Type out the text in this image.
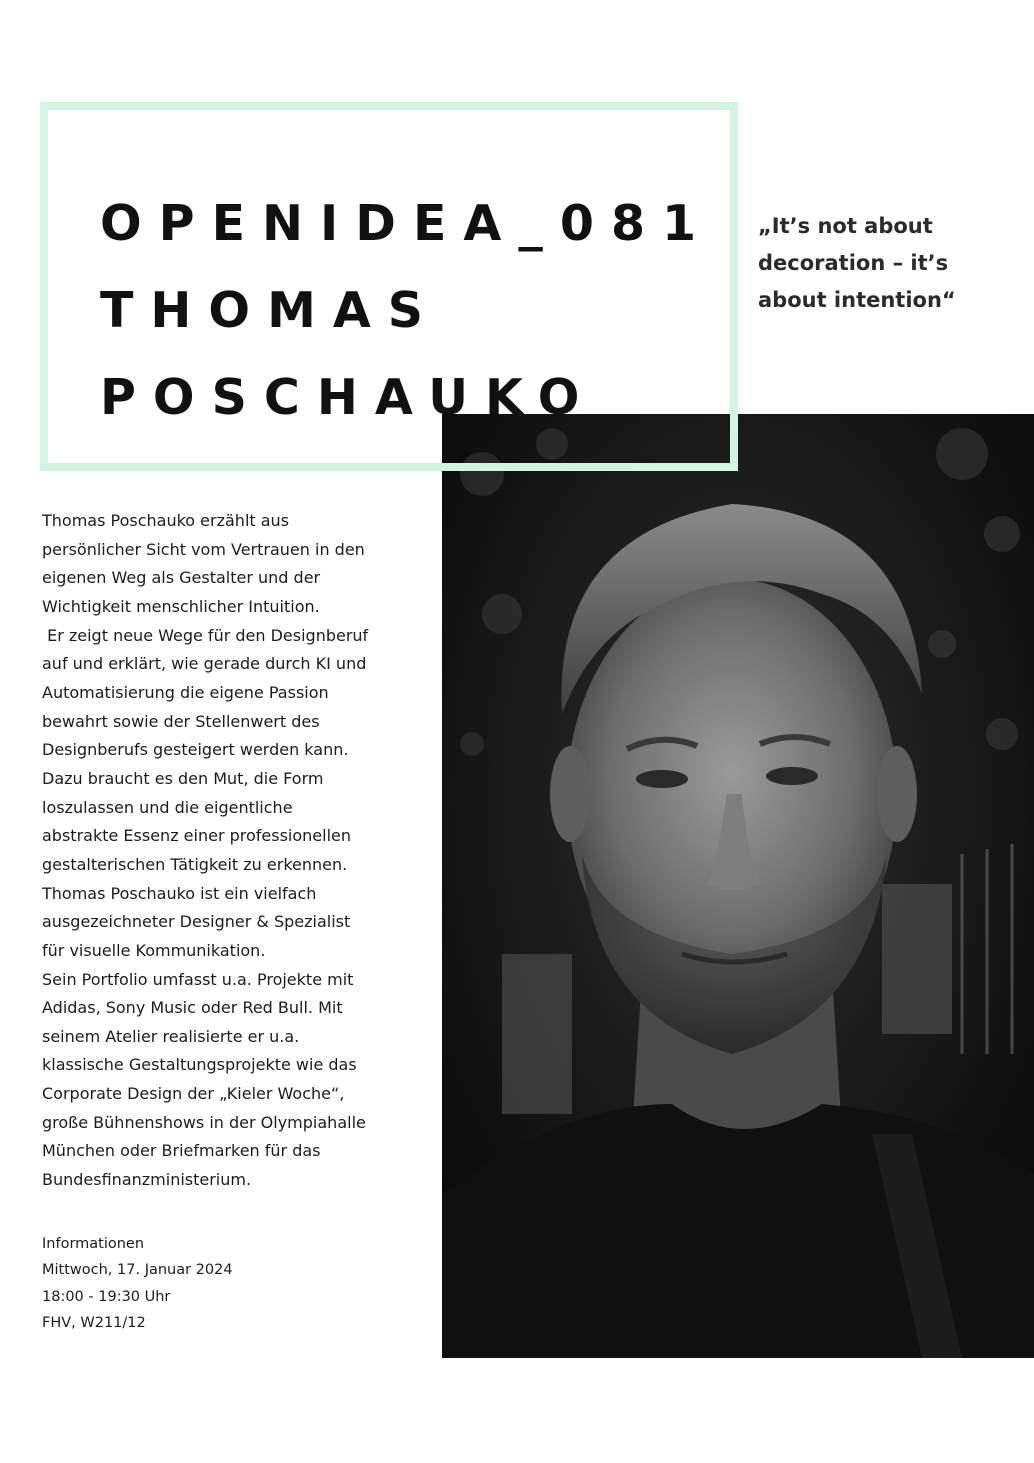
OPENIDEA_081
THOMAS
POSCHAUKO

„It’s not about
decoration – it’s
about intention“

Thomas Poschauko erzählt aus
persönlicher Sicht vom Vertrauen in den
eigenen Weg als Gestalter und der
Wichtigkeit menschlicher Intuition.
Er zeigt neue Wege für den Designberuf
auf und erklärt, wie gerade durch KI und
Automatisierung die eigene Passion
bewahrt sowie der Stellenwert des
Designberufs gesteigert werden kann.
Dazu braucht es den Mut, die Form
loszulassen und die eigentliche
abstrakte Essenz einer professionellen
gestalterischen Tätigkeit zu erkennen.
Thomas Poschauko ist ein vielfach
ausgezeichneter Designer & Spezialist
für visuelle Kommunikation.
Sein Portfolio umfasst u.a. Projekte mit
Adidas, Sony Music oder Red Bull. Mit
seinem Atelier realisierte er u.a.
klassische Gestaltungsprojekte wie das
Corporate Design der „Kieler Woche“,
große Bühnenshows in der Olympiahalle
München oder Briefmarken für das
Bundesfinanzministerium.

Informationen
Mittwoch, 17. Januar 2024
18:00 - 19:30 Uhr
FHV, W211/12
